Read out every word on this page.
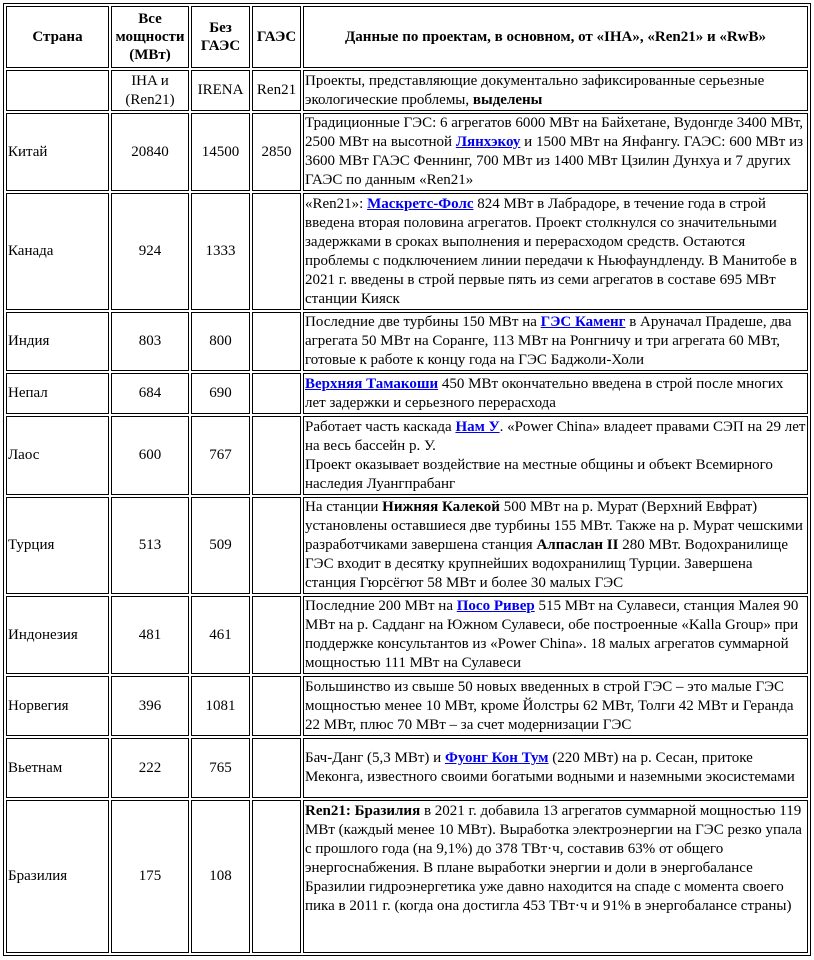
Страна	Все мощности (МВт)	Без ГАЭС	ГАЭС	Данные по проектам, в основном, от «IHA», «Ren21» и «RwB»
	IHA и (Ren21)	IRENA	Ren21	Проекты, представляющие документально зафиксированные серьезные экологические проблемы, выделены
Китай	20840	14500	2850	Традиционные ГЭС: 6 агрегатов 6000 МВт на Байхетане, Вудонгде 3400 МВт, 2500 МВт на высотной Лянхэкоу и 1500 МВт на Янфангу. ГАЭС: 600 МВт из 3600 МВт ГАЭС Феннинг, 700 МВт из 1400 МВт Цзилин Дунхуа и 7 других ГАЭС по данным «Ren21»
Канада	924	1333		«Ren21»: Маскретс-Фолс 824 МВт в Лабрадоре, в течение года в строй введена вторая половина агрегатов. Проект столкнулся со значительными задержками в сроках выполнения и перерасходом средств. Остаются проблемы с подключением линии передачи к Ньюфаундленду. В Манитобе в 2021 г. введены в строй первые пять из семи агрегатов в составе 695 МВт станции Кияск
Индия	803	800		Последние две турбины 150 МВт на ГЭС Каменг в Аруначал Прадеше, два агрегата 50 МВт на Соранге, 113 МВт на Ронгничу и три агрегата 60 МВт, готовые к работе к концу года на ГЭС Баджоли-Холи
Непал	684	690		Верхняя Тамакоши 450 МВт окончательно введена в строй после многих лет задержки и серьезного перерасхода
Лаос	600	767		Работает часть каскада Нам У. «Power China» владеет правами СЭП на 29 лет на весь бассейн р. У.
Проект оказывает воздействие на местные общины и объект Всемирного наследия Луангпрабанг
Турция	513	509		На станции Нижняя Калекой 500 МВт на р. Мурат (Верхний Евфрат) установлены оставшиеся две турбины 155 МВт. Также на р. Мурат чешскими разработчиками завершена станция Алпаслан II 280 МВт. Водохранилище ГЭС входит в десятку крупнейших водохранилищ Турции. Завершена станция Гюрсёгют 58 МВт и более 30 малых ГЭС
Индонезия	481	461		Последние 200 МВт на Посо Ривер 515 МВт на Сулавеси, станция Малея 90 МВт на р. Садданг на Южном Сулавеси, обе построенные «Kalla Group» при поддержке консультантов из «Power China». 18 малых агрегатов суммарной мощностью 111 МВт на Сулавеси
Норвегия	396	1081		Большинство из свыше 50 новых введенных в строй ГЭС – это малые ГЭС мощностью менее 10 МВт, кроме Йолстры 62 МВт, Толги 42 МВт и Геранда 22 МВт, плюс 70 МВт – за счет модернизации ГЭС
Вьетнам	222	765		Бач-Данг (5,3 МВт) и Фуонг Кон Тум (220 МВт) на р. Сесан, притоке Меконга, известного своими богатыми водными и наземными экосистемами
Бразилия	175	108		Ren21: Бразилия в 2021 г. добавила 13 агрегатов суммарной мощностью 119 МВт (каждый менее 10 МВт). Выработка электроэнергии на ГЭС резко упала с прошлого года (на 9,1%) до 378 ТВт·ч, составив 63% от общего энергоснабжения. В плане выработки энергии и доли в энергобалансе Бразилии гидроэнергетика уже давно находится на спаде с момента своего пика в 2011 г. (когда она достигла 453 ТВт·ч и 91% в энергобалансе страны)
